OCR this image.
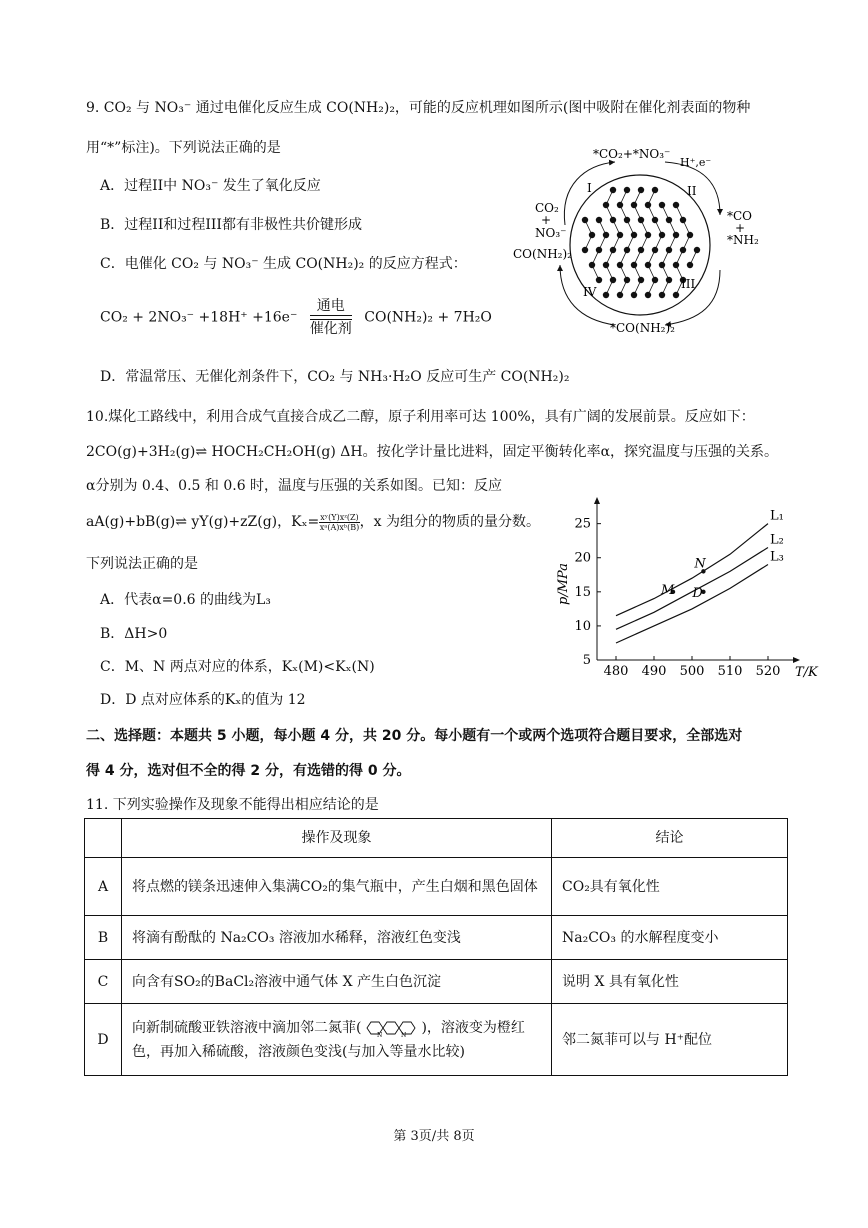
9. CO₂ 与 NO₃⁻ 通过电催化反应生成 CO(NH₂)₂，可能的反应机理如图所示(图中吸附在催化剂表面的物种
用“*”标注)。下列说法正确的是
A．过程II中 NO₃⁻ 发生了氧化反应
B．过程II和过程III都有非极性共价键形成
C．电催化 CO₂ 与 NO₃⁻ 生成 CO(NH₂)₂ 的反应方程式：
CO₂ + 2NO₃⁻ +18H⁺ +16e⁻
通电
催化剂
CO(NH₂)₂ + 7H₂O
D．常温常压、无催化剂条件下，CO₂ 与 NH₃·H₂O 反应可生产 CO(NH₂)₂
*CO₂+*NO₃⁻
H⁺,e⁻
CO₂
+
NO₃⁻
CO(NH₂)₂
*CO
+
*NH₂
*CO(NH₂)₂
I	II
III
IV
10.煤化工路线中，利用合成气直接合成乙二醇，原子利用率可达 100%，具有广阔的发展前景。反应如下：
2CO(g)+3H₂(g)⇌ HOCH₂CH₂OH(g) ΔH。按化学计量比进料，固定平衡转化率α，探究温度与压强的关系。
α分别为 0.4、0.5 和 0.6 时，温度与压强的关系如图。已知：反应
aA(g)+bB(g)⇌ yY(g)+zZ(g)，$K_x= \frac{\text{xʸ(Y)xᶻ(Z)}}{\text{xᵃ(A)xᵇ(B)}}$ ，x 为组分的物质的量分数。
下列说法正确的是
A．代表α=0.6 的曲线为L₃
B．ΔH>0
C．M、N 两点对应的体系，Kₓ(M)<Kₓ(N)
D．D 点对应体系的Kₓ的值为 12
T/K
p/MPa
L₁
L₂
L₃
M
N
D
480 490 500 510 520
5
10
15
20
25
二、选择题：本题共 5 小题，每小题 4 分，共 20 分。每小题有一个或两个选项符合题目要求，全部选对
得 4 分，选对但不全的得 2 分，有选错的得 0 分。
11. 下列实验操作及现象不能得出相应结论的是
	操作及现象	结论
A	将点燃的镁条迅速伸入集满CO₂的集气瓶中，产生白烟和黑色固体	CO₂具有氧化性
B	将滴有酚酞的 Na₂CO₃ 溶液加水稀释，溶液红色变浅	Na₂CO₃ 的水解程度变小
C	向含有SO₂的BaCl₂溶液中通气体 X 产生白色沉淀	说明 X 具有氧化性
D	向新制硫酸亚铁溶液中滴加邻二氮菲( N N )，溶液变为橙红色，再加入稀硫酸，溶液颜色变浅(与加入等量水比较)	邻二氮菲可以与 H⁺配位
第 3页/共 8页
